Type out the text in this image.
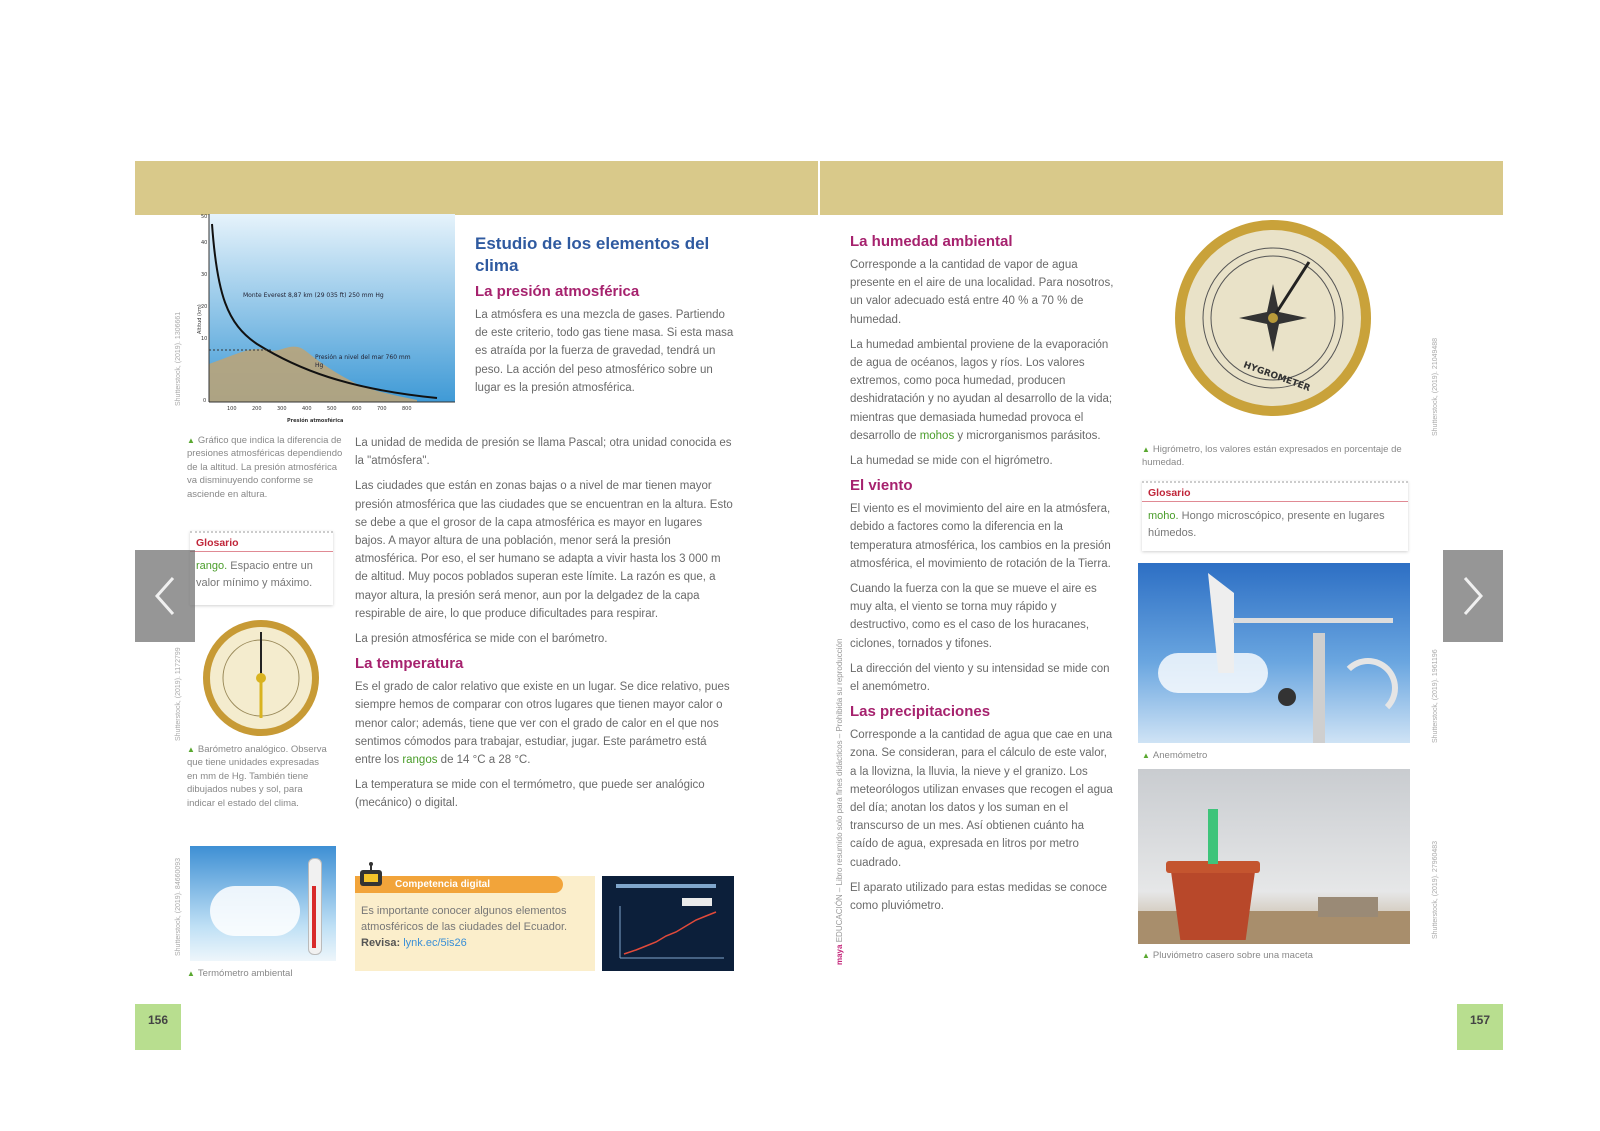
Shutterstock, (2019). 1306661
50
40
30
20
10
0
100	200	300	400	500	600	700	800
Altitud (km)
Presión atmosférica
Monte Everest 8,87 km (29 035 ft) 250 mm Hg
Presión a nivel del mar 760 mm Hg

▲ Gráfico que indica la diferencia de presiones atmosféricas dependiendo de la altitud. La presión atmosférica va disminuyendo conforme se asciende en altura.

Glosario
rango. Espacio entre un valor mínimo y máximo.
Shutterstock, (2019). 1172799

▲ Barómetro analógico. Observa que tiene unidades expresadas en mm de Hg. También tiene dibujados nubes y sol, para indicar el estado del clima.

Shutterstock, (2019). 84660093

▲ Termómetro ambiental

Estudio de los elementos del clima
La presión atmosférica

La atmósfera es una mezcla de gases. Partiendo de este criterio, todo gas tiene masa. Si esta masa es atraída por la fuerza de gravedad, tendrá un peso. La acción del peso atmosférico sobre un lugar es la presión atmosférica.

La unidad de medida de presión se llama Pascal; otra unidad conocida es la "atmósfera".

Las ciudades que están en zonas bajas o a nivel de mar tienen mayor presión atmosférica que las ciudades que se encuentran en la altura. Esto se debe a que el grosor de la capa atmosférica es mayor en lugares bajos. A mayor altura de una población, menor será la presión atmosférica. Por eso, el ser humano se adapta a vivir hasta los 3 000 m de altitud. Muy pocos poblados superan este límite. La razón es que, a mayor altura, la presión será menor, aun por la delgadez de la capa respirable de aire, lo que produce dificultades para respirar.

La presión atmosférica se mide con el barómetro.

La temperatura

Es el grado de calor relativo que existe en un lugar. Se dice relativo, pues siempre hemos de comparar con otros lugares que tienen mayor calor o menor calor; además, tiene que ver con el grado de calor en el que nos sentimos cómodos para trabajar, estudiar, jugar. Este parámetro está entre los rangos de 14 °C a 28 °C.

La temperatura se mide con el termómetro, que puede ser analógico (mecánico) o digital.

Competencia digital
Es importante conocer algunos elementos atmosféricos de las ciudades del Ecuador.
Revisa: lynk.ec/5is26
156
La humedad ambiental

Corresponde a la cantidad de vapor de agua presente en el aire de una localidad. Para nosotros, un valor adecuado está entre 40 % a 70 % de humedad.

La humedad ambiental proviene de la evaporación de agua de océanos, lagos y ríos. Los valores extremos, como poca humedad, producen deshidratación y no ayudan al desarrollo de la vida; mientras que demasiada humedad provoca el desarrollo de mohos y microrganismos parásitos.

La humedad se mide con el higrómetro.

El viento

El viento es el movimiento del aire en la atmósfera, debido a factores como la diferencia en la temperatura atmosférica, los cambios en la presión atmosférica, el movimiento de rotación de la Tierra.

Cuando la fuerza con la que se mueve el aire es muy alta, el viento se torna muy rápido y destructivo, como es el caso de los huracanes, ciclones, tornados y tifones.

La dirección del viento y su intensidad se mide con el anemómetro.

Las precipitaciones

Corresponde a la cantidad de agua que cae en una zona. Se consideran, para el cálculo de este valor, a la llovizna, la lluvia, la nieve y el granizo. Los meteorólogos utilizan envases que recogen el agua del día; anotan los datos y los suman en el transcurso de un mes. Así obtienen cuánto ha caído de agua, expresada en litros por metro cuadrado.

El aparato utilizado para estas medidas se conoce como pluviómetro.

HYGROMETER	Shutterstock, (2019). 21049488

▲ Higrómetro, los valores están expresados en porcentaje de humedad.

Glosario
moho. Hongo microscópico, presente en lugares húmedos.
Shutterstock, (2019). 1961196

▲ Anemómetro

Shutterstock, (2019). 27960483

▲ Pluviómetro casero sobre una maceta

157
maya EDUCACIÓN – Libro resumido solo para fines didácticos – Prohibida su reproducción
